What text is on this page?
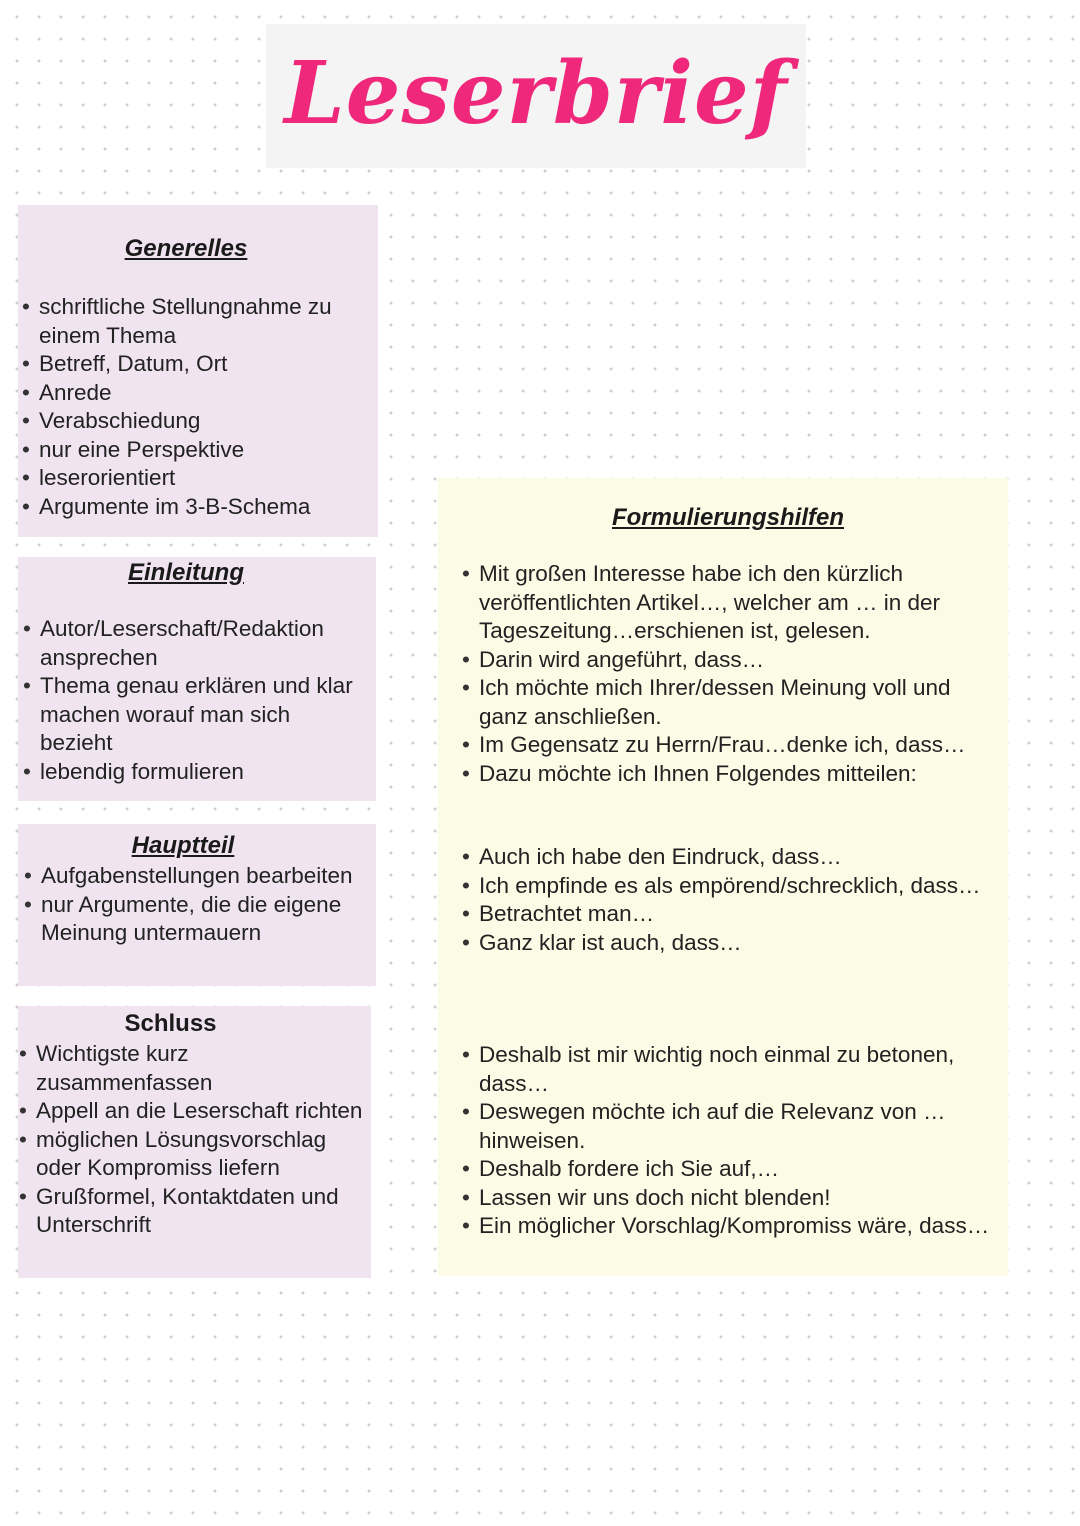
Leserbrief
Generelles
• schriftliche Stellungnahme zu einem Thema
• Betreff, Datum, Ort
• Anrede
• Verabschiedung
• nur eine Perspektive
• leserorientiert
• Argumente im 3-B-Schema
Einleitung
• Autor/Leserschaft/Redaktion ansprechen
• Thema genau erklären und klar machen worauf man sich bezieht
• lebendig formulieren
Hauptteil
• Aufgabenstellungen bearbeiten
• nur Argumente, die die eigene Meinung untermauern
Schluss
• Wichtigste kurz zusammenfassen
• Appell an die Leserschaft richten
• möglichen Lösungsvorschlag oder Kompromiss liefern
• Grußformel, Kontaktdaten und Unterschrift
Formulierungshilfen
• Mit großen Interesse habe ich den kürzlich veröffentlichten Artikel…, welcher am … in der Tageszeitung…erschienen ist, gelesen.
• Darin wird angeführt, dass…
• Ich möchte mich Ihrer/dessen Meinung voll und ganz anschließen.
• Im Gegensatz zu Herrn/Frau…denke ich, dass…
• Dazu möchte ich Ihnen Folgendes mitteilen:
• Auch ich habe den Eindruck, dass…
• Ich empfinde es als empörend/schrecklich, dass…
• Betrachtet man…
• Ganz klar ist auch, dass…
• Deshalb ist mir wichtig noch einmal zu betonen, dass…
• Deswegen möchte ich auf die Relevanz von … hinweisen.
• Deshalb fordere ich Sie auf,…
• Lassen wir uns doch nicht blenden!
• Ein möglicher Vorschlag/Kompromiss wäre, dass…
